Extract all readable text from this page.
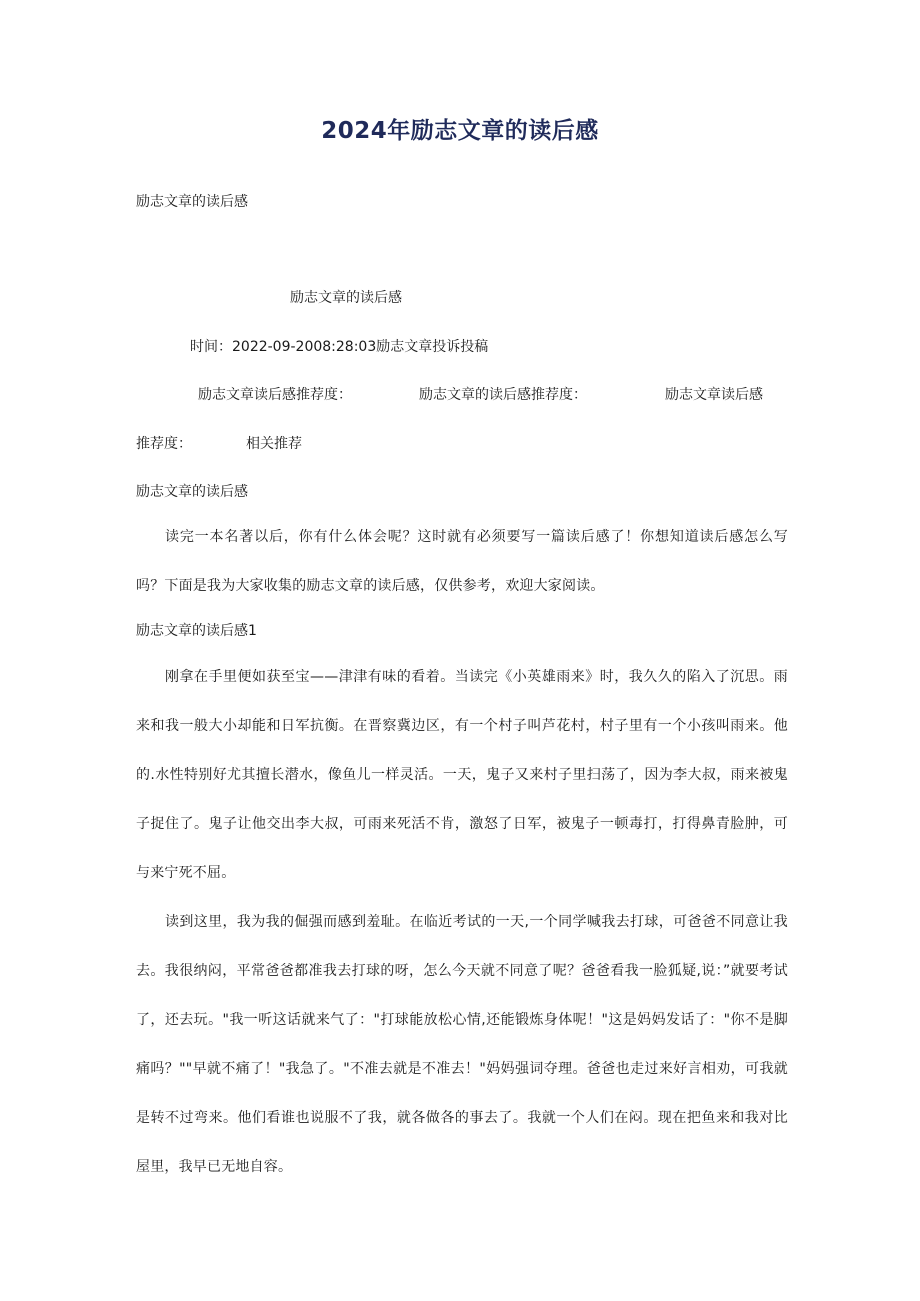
2024年励志文章的读后感
励志文章的读后感
励志文章的读后感
时间：2022-09-2008:28:03励志文章投诉投稿
励志文章读后感推荐度：	励志文章的读后感推荐度：	励志文章读后感
推荐度：	相关推荐
励志文章的读后感
读完一本名著以后，你有什么体会呢？这时就有必须要写一篇读后感了！你想知道读后感怎么写吗？下面是我为大家收集的励志文章的读后感，仅供参考，欢迎大家阅读。
励志文章的读后感1
刚拿在手里便如获至宝——津津有味的看着。当读完《小英雄雨来》时，我久久的陷入了沉思。雨来和我一般大小却能和日军抗衡。在晋察冀边区，有一个村子叫芦花村，村子里有一个小孩叫雨来。他的.水性特别好尤其擅长潜水，像鱼儿一样灵活。一天，鬼子又来村子里扫荡了，因为李大叔，雨来被鬼子捉住了。鬼子让他交出李大叔，可雨来死活不肯，激怒了日军，被鬼子一顿毒打，打得鼻青脸肿，可与来宁死不屈。
读到这里，我为我的倔强而感到羞耻。在临近考试的一天,一个同学喊我去打球，可爸爸不同意让我去。我很纳闷，平常爸爸都准我去打球的呀，怎么今天就不同意了呢？爸爸看我一脸狐疑,说：”就要考试了，还去玩。"我一听这话就来气了："打球能放松心情,还能锻炼身体呢！"这是妈妈发话了："你不是脚痛吗？""早就不痛了！"我急了。"不准去就是不准去！"妈妈强词夺理。爸爸也走过来好言相劝，可我就是转不过弯来。他们看谁也说服不了我，就各做各的事去了。我就一个人们在闷。现在把鱼来和我对比屋里，我早已无地自容。
